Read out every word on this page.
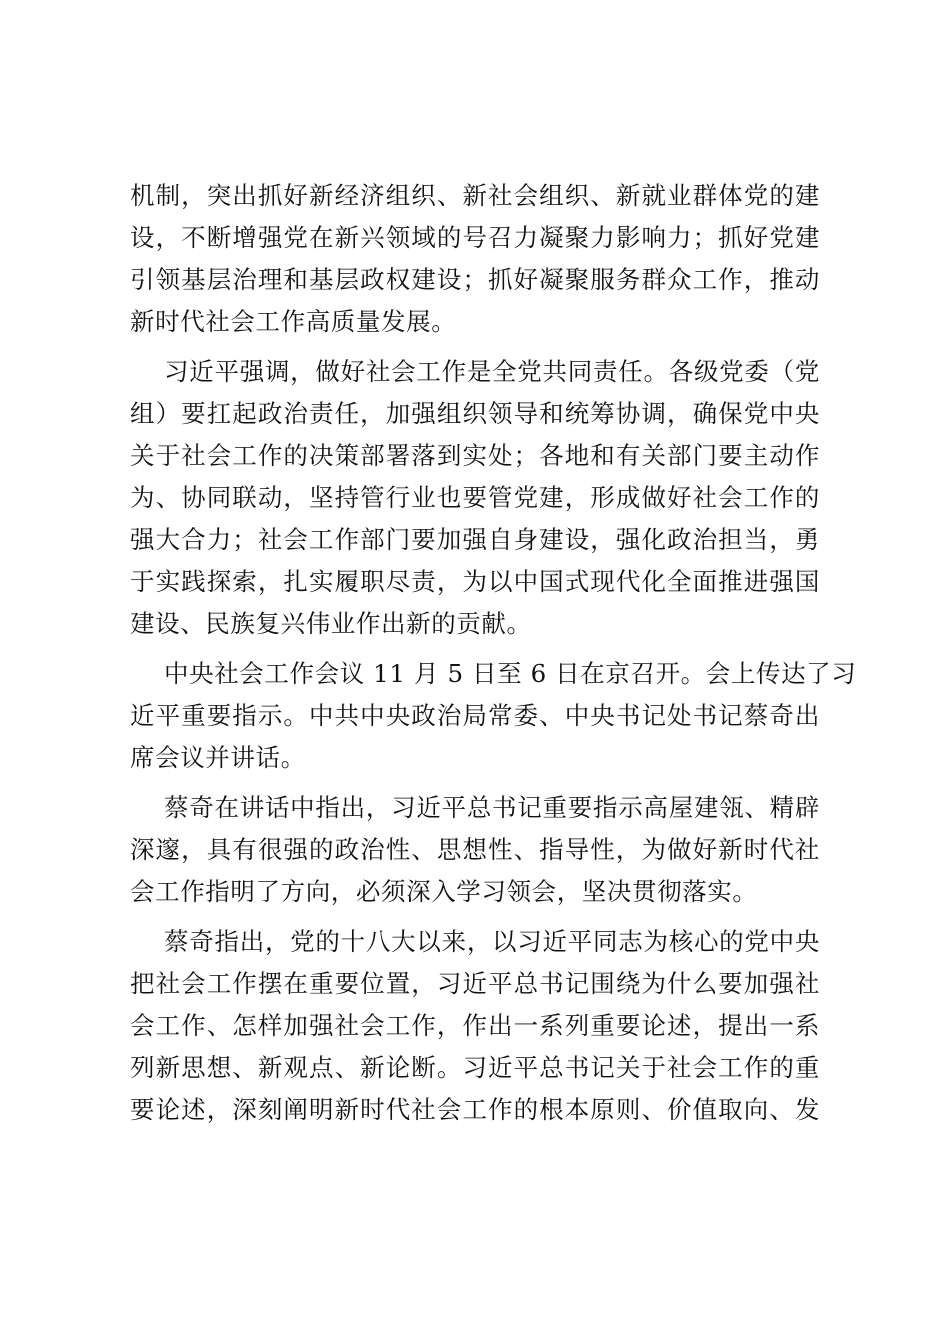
机制，突出抓好新经济组织、新社会组织、新就业群体党的建
设，不断增强党在新兴领域的号召力凝聚力影响力；抓好党建
引领基层治理和基层政权建设；抓好凝聚服务群众工作，推动
新时代社会工作高质量发展。
习近平强调，做好社会工作是全党共同责任。各级党委（党
组）要扛起政治责任，加强组织领导和统筹协调，确保党中央
关于社会工作的决策部署落到实处；各地和有关部门要主动作
为、协同联动，坚持管行业也要管党建，形成做好社会工作的
强大合力；社会工作部门要加强自身建设，强化政治担当，勇
于实践探索，扎实履职尽责，为以中国式现代化全面推进强国
建设、民族复兴伟业作出新的贡献。
中央社会工作会议 11 月 5 日至 6 日在京召开。会上传达了习
近平重要指示。中共中央政治局常委、中央书记处书记蔡奇出
席会议并讲话。
蔡奇在讲话中指出，习近平总书记重要指示高屋建瓴、精辟
深邃，具有很强的政治性、思想性、指导性，为做好新时代社
会工作指明了方向，必须深入学习领会，坚决贯彻落实。
蔡奇指出，党的十八大以来，以习近平同志为核心的党中央
把社会工作摆在重要位置，习近平总书记围绕为什么要加强社
会工作、怎样加强社会工作，作出一系列重要论述，提出一系
列新思想、新观点、新论断。习近平总书记关于社会工作的重
要论述，深刻阐明新时代社会工作的根本原则、价值取向、发
